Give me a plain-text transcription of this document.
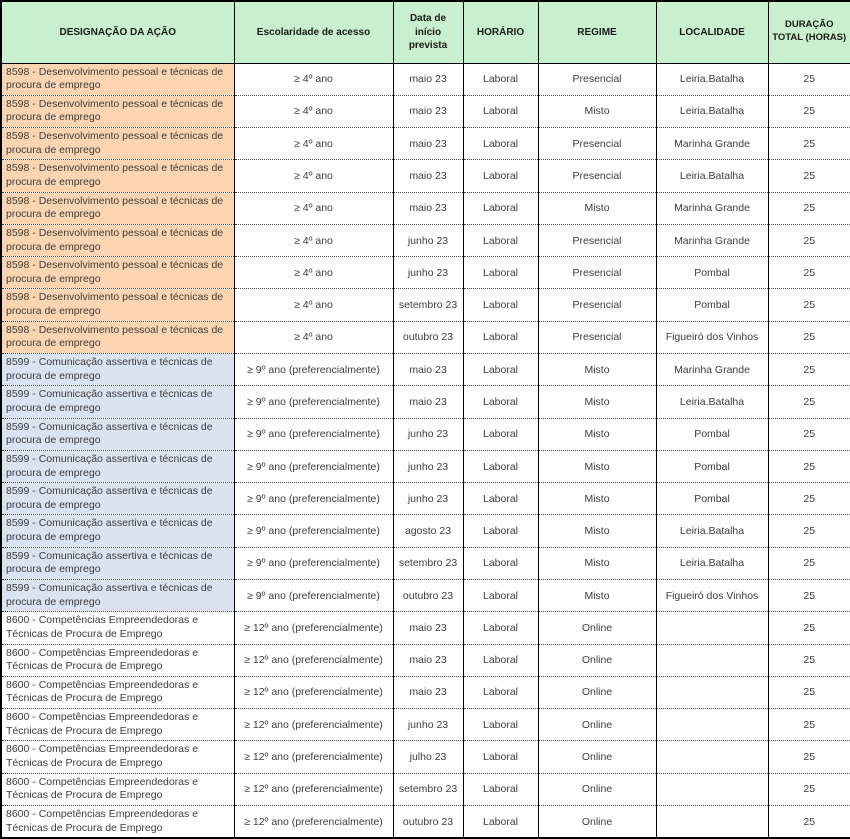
DESIGNAÇÃO DA AÇÃO	Escolaridade de acesso	Data de início prevista	HORÁRIO	REGIME	LOCALIDADE	DURAÇÃO TOTAL (HORAS)
8598 - Desenvolvimento pessoal e técnicas de procura de emprego	≥ 4º ano	maio 23	Laboral	Presencial	Leiria.Batalha	25
8598 - Desenvolvimento pessoal e técnicas de procura de emprego	≥ 4º ano	maio 23	Laboral	Misto	Leiria.Batalha	25
8598 - Desenvolvimento pessoal e técnicas de procura de emprego	≥ 4º ano	maio 23	Laboral	Presencial	Marinha Grande	25
8598 - Desenvolvimento pessoal e técnicas de procura de emprego	≥ 4º ano	maio 23	Laboral	Presencial	Leiria.Batalha	25
8598 - Desenvolvimento pessoal e técnicas de procura de emprego	≥ 4º ano	maio 23	Laboral	Misto	Marinha Grande	25
8598 - Desenvolvimento pessoal e técnicas de procura de emprego	≥ 4º ano	junho 23	Laboral	Presencial	Marinha Grande	25
8598 - Desenvolvimento pessoal e técnicas de procura de emprego	≥ 4º ano	junho 23	Laboral	Presencial	Pombal	25
8598 - Desenvolvimento pessoal e técnicas de procura de emprego	≥ 4º ano	setembro 23	Laboral	Presencial	Pombal	25
8598 - Desenvolvimento pessoal e técnicas de procura de emprego	≥ 4º ano	outubro 23	Laboral	Presencial	Figueiró dos Vinhos	25
8599 - Comunicação assertiva e técnicas de procura de emprego	≥ 9º ano (preferencialmente)	maio 23	Laboral	Misto	Marinha Grande	25
8599 - Comunicação assertiva e técnicas de procura de emprego	≥ 9º ano (preferencialmente)	maio 23	Laboral	Misto	Leiria.Batalha	25
8599 - Comunicação assertiva e técnicas de procura de emprego	≥ 9º ano (preferencialmente)	junho 23	Laboral	Misto	Pombal	25
8599 - Comunicação assertiva e técnicas de procura de emprego	≥ 9º ano (preferencialmente)	junho 23	Laboral	Misto	Pombal	25
8599 - Comunicação assertiva e técnicas de procura de emprego	≥ 9º ano (preferencialmente)	junho 23	Laboral	Misto	Pombal	25
8599 - Comunicação assertiva e técnicas de procura de emprego	≥ 9º ano (preferencialmente)	agosto 23	Laboral	Misto	Leiria.Batalha	25
8599 - Comunicação assertiva e técnicas de procura de emprego	≥ 9º ano (preferencialmente)	setembro 23	Laboral	Misto	Leiria.Batalha	25
8599 - Comunicação assertiva e técnicas de procura de emprego	≥ 9º ano (preferencialmente)	outubro 23	Laboral	Misto	Figueiró dos Vinhos	25
8600 - Competências Empreendedoras e Técnicas de Procura de Emprego	≥ 12º ano (preferencialmente)	maio 23	Laboral	Online		25
8600 - Competências Empreendedoras e Técnicas de Procura de Emprego	≥ 12º ano (preferencialmente)	maio 23	Laboral	Online		25
8600 - Competências Empreendedoras e Técnicas de Procura de Emprego	≥ 12º ano (preferencialmente)	maio 23	Laboral	Online		25
8600 - Competências Empreendedoras e Técnicas de Procura de Emprego	≥ 12º ano (preferencialmente)	junho 23	Laboral	Online		25
8600 - Competências Empreendedoras e Técnicas de Procura de Emprego	≥ 12º ano (preferencialmente)	julho 23	Laboral	Online		25
8600 - Competências Empreendedoras e Técnicas de Procura de Emprego	≥ 12º ano (preferencialmente)	setembro 23	Laboral	Online		25
8600 - Competências Empreendedoras e Técnicas de Procura de Emprego	≥ 12º ano (preferencialmente)	outubro 23	Laboral	Online		25
